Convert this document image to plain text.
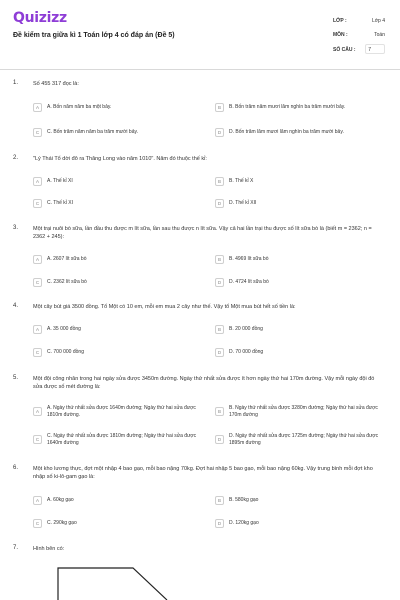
Quizizz
Đề kiểm tra giữa kì 1 Toán lớp 4 có đáp án (Đề 5)
LỚP :	Lớp 4
MÔN :	Toán
SỐ CÂU :	7
1.	Số 455 317 đọc là:
A	A. Bốn năm năm ba một bảy.	B	B. Bốn trăm năm mươi lăm nghìn ba trăm mười bảy.
C	C. Bốn trăm năm năm ba trăm mười bảy.	D	D. Bốn trăm lăm mươi lăm nghìn ba trăm mười bảy.
2.	"Lý Thái Tổ dời đô ra Thăng Long vào năm 1010". Năm đó thuộc thế kỉ:
A	A. Thế kỉ XI	B	B. Thế kỉ X
C	C. Thế kỉ XI	D	D. Thế kỉ XII
3.	Một trại nuôi bò sữa, lần đầu thu được m lít sữa, lần sau thu được n lít sữa. Vậy cả hai lần trại thu được số lít sữa bò là (biết m = 2362; n = 2362 + 245):
A	A. 2607 lít sữa bò	B	B. 4969 lít sữa bò
C	C. 2362 lít sữa bò	D	D. 4724 lít sữa bò
4.	Một cây bút giá 3500 đồng. Tổ Một có 10 em, mỗi em mua 2 cây như thế. Vậy tổ Một mua bút hết số tiền là:
A	A. 35 000 đồng	B	B. 20 000 đồng
C	C. 700 000 đồng	D	D. 70 000 đồng
5.	Một đội công nhân trong hai ngày sửa được 3450m đường. Ngày thứ nhất sửa được ít hơn ngày thứ hai 170m đường. Vậy mỗi ngày đội đó sửa được số mét đường là:
A
A. Ngày thứ nhất sửa được 1640m đường; Ngày thứ hai sửa được 1810m đường.	B
B. Ngày thứ nhất sửa được 3280m đường; Ngày thứ hai sửa được 170m đường
C
C. Ngày thứ nhất sửa được 1810m đường; Ngày thứ hai sửa được 1640m đường	D
D. Ngày thứ nhất sửa được 1725m đường; Ngày thứ hai sửa được 1895m đường
6.	Một kho lương thực, đợt một nhập 4 bao gạo, mỗi bao nặng 70kg. Đợt hai nhập 5 bao gạo, mỗi bao nặng 60kg. Vậy trung bình mỗi đợt kho nhập số ki-lô-gam gạo là:
A	A. 60kg gạo	B	B. 580kg gạo
C	C. 290kg gạo	D	D. 120kg gạo
7.	Hình bên có:
